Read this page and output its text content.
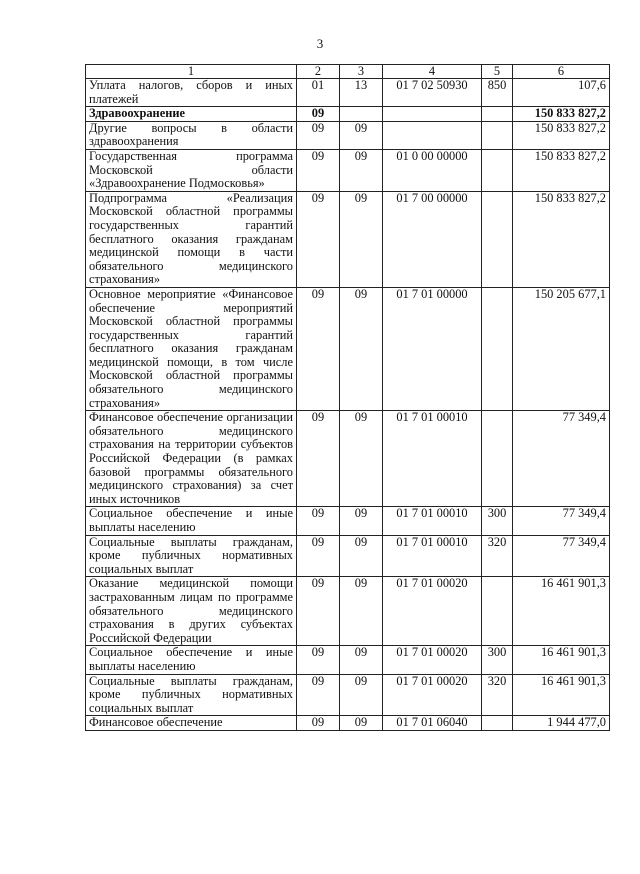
3
1	2	3	4	5	6
Уплата налогов, сборов и иных платежей	01	13	01 7 02 50930	850	107,6
Здравоохранение	09				150 833 827,2
Другие вопросы в области здравоохранения	09	09			150 833 827,2
Государственная программа Московской области «Здравоохранение Подмосковья»	09	09	01 0 00 00000		150 833 827,2
Подпрограмма «Реализация Московской областной программы государственных гарантий бесплатного оказания гражданам медицинской помощи в части обязательного медицинского страхования»	09	09	01 7 00 00000		150 833 827,2
Основное мероприятие «Финансовое обеспечение мероприятий Московской областной программы государственных гарантий бесплатного оказания гражданам медицинской помощи, в том числе Московской областной программы обязательного медицинского страхования»	09	09	01 7 01 00000		150 205 677,1
Финансовое обеспечение организации обязательного медицинского страхования на территории субъектов Российской Федерации (в рамках базовой программы обязательного медицинского страхования) за счет иных источников	09	09	01 7 01 00010		77 349,4
Социальное обеспечение и иные выплаты населению	09	09	01 7 01 00010	300	77 349,4
Социальные выплаты гражданам, кроме публичных нормативных социальных выплат	09	09	01 7 01 00010	320	77 349,4
Оказание медицинской помощи застрахованным лицам по программе обязательного медицинского страхования в других субъектах Российской Федерации	09	09	01 7 01 00020		16 461 901,3
Социальное обеспечение и иные выплаты населению	09	09	01 7 01 00020	300	16 461 901,3
Социальные выплаты гражданам, кроме публичных нормативных социальных выплат	09	09	01 7 01 00020	320	16 461 901,3
Финансовое обеспечение	09	09	01 7 01 06040		1 944 477,0
